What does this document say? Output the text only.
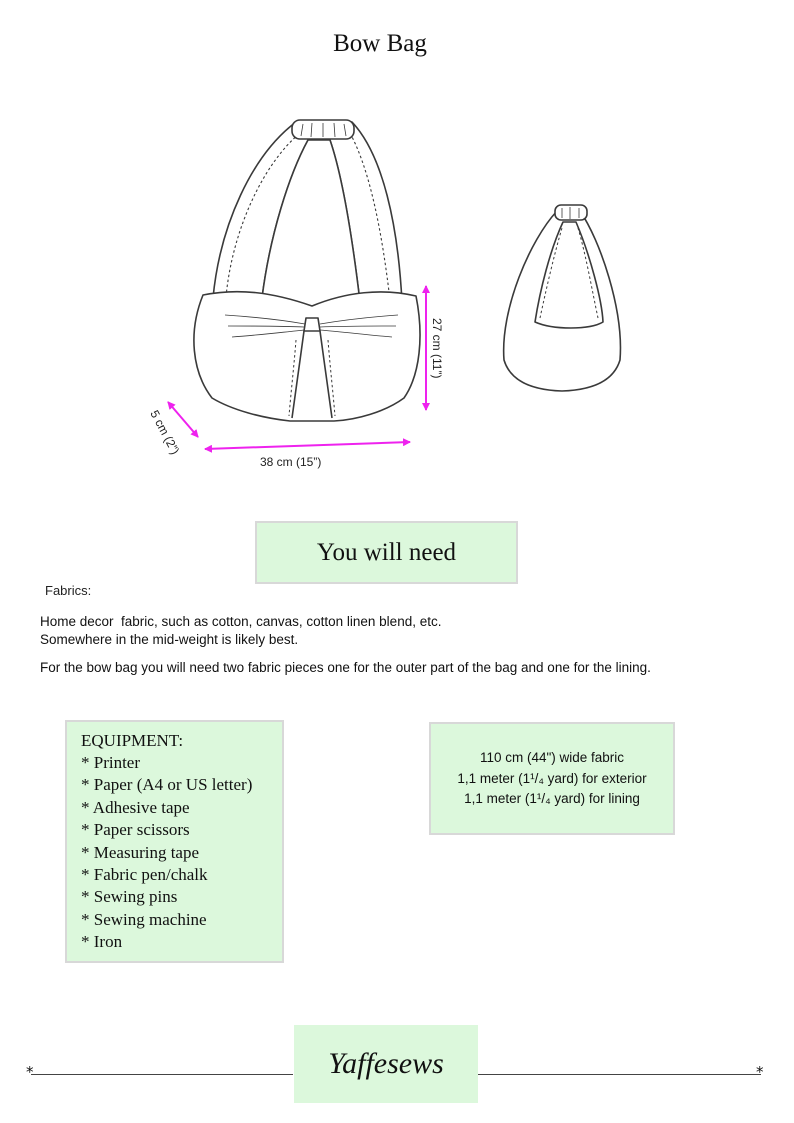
Bow Bag
27 cm (11”)
38 cm (15”)
5 cm (2”)
You will need
Fabrics:
Home decor  fabric, such as cotton, canvas, cotton linen blend, etc.
Somewhere in the mid-weight is likely best.
For the bow bag you will need two fabric pieces one for the outer part of the bag and one for the lining.
EQUIPMENT:
* Printer
* Paper (A4 or US letter)
* Adhesive tape
* Paper scissors
* Measuring tape
* Fabric pen/chalk
* Sewing pins
* Sewing machine
* Iron
110 cm (44") wide fabric
1,1 meter (1¹/₄ yard) for exterior
1,1 meter (1¹/₄ yard) for lining
*	*
Yaffesews
